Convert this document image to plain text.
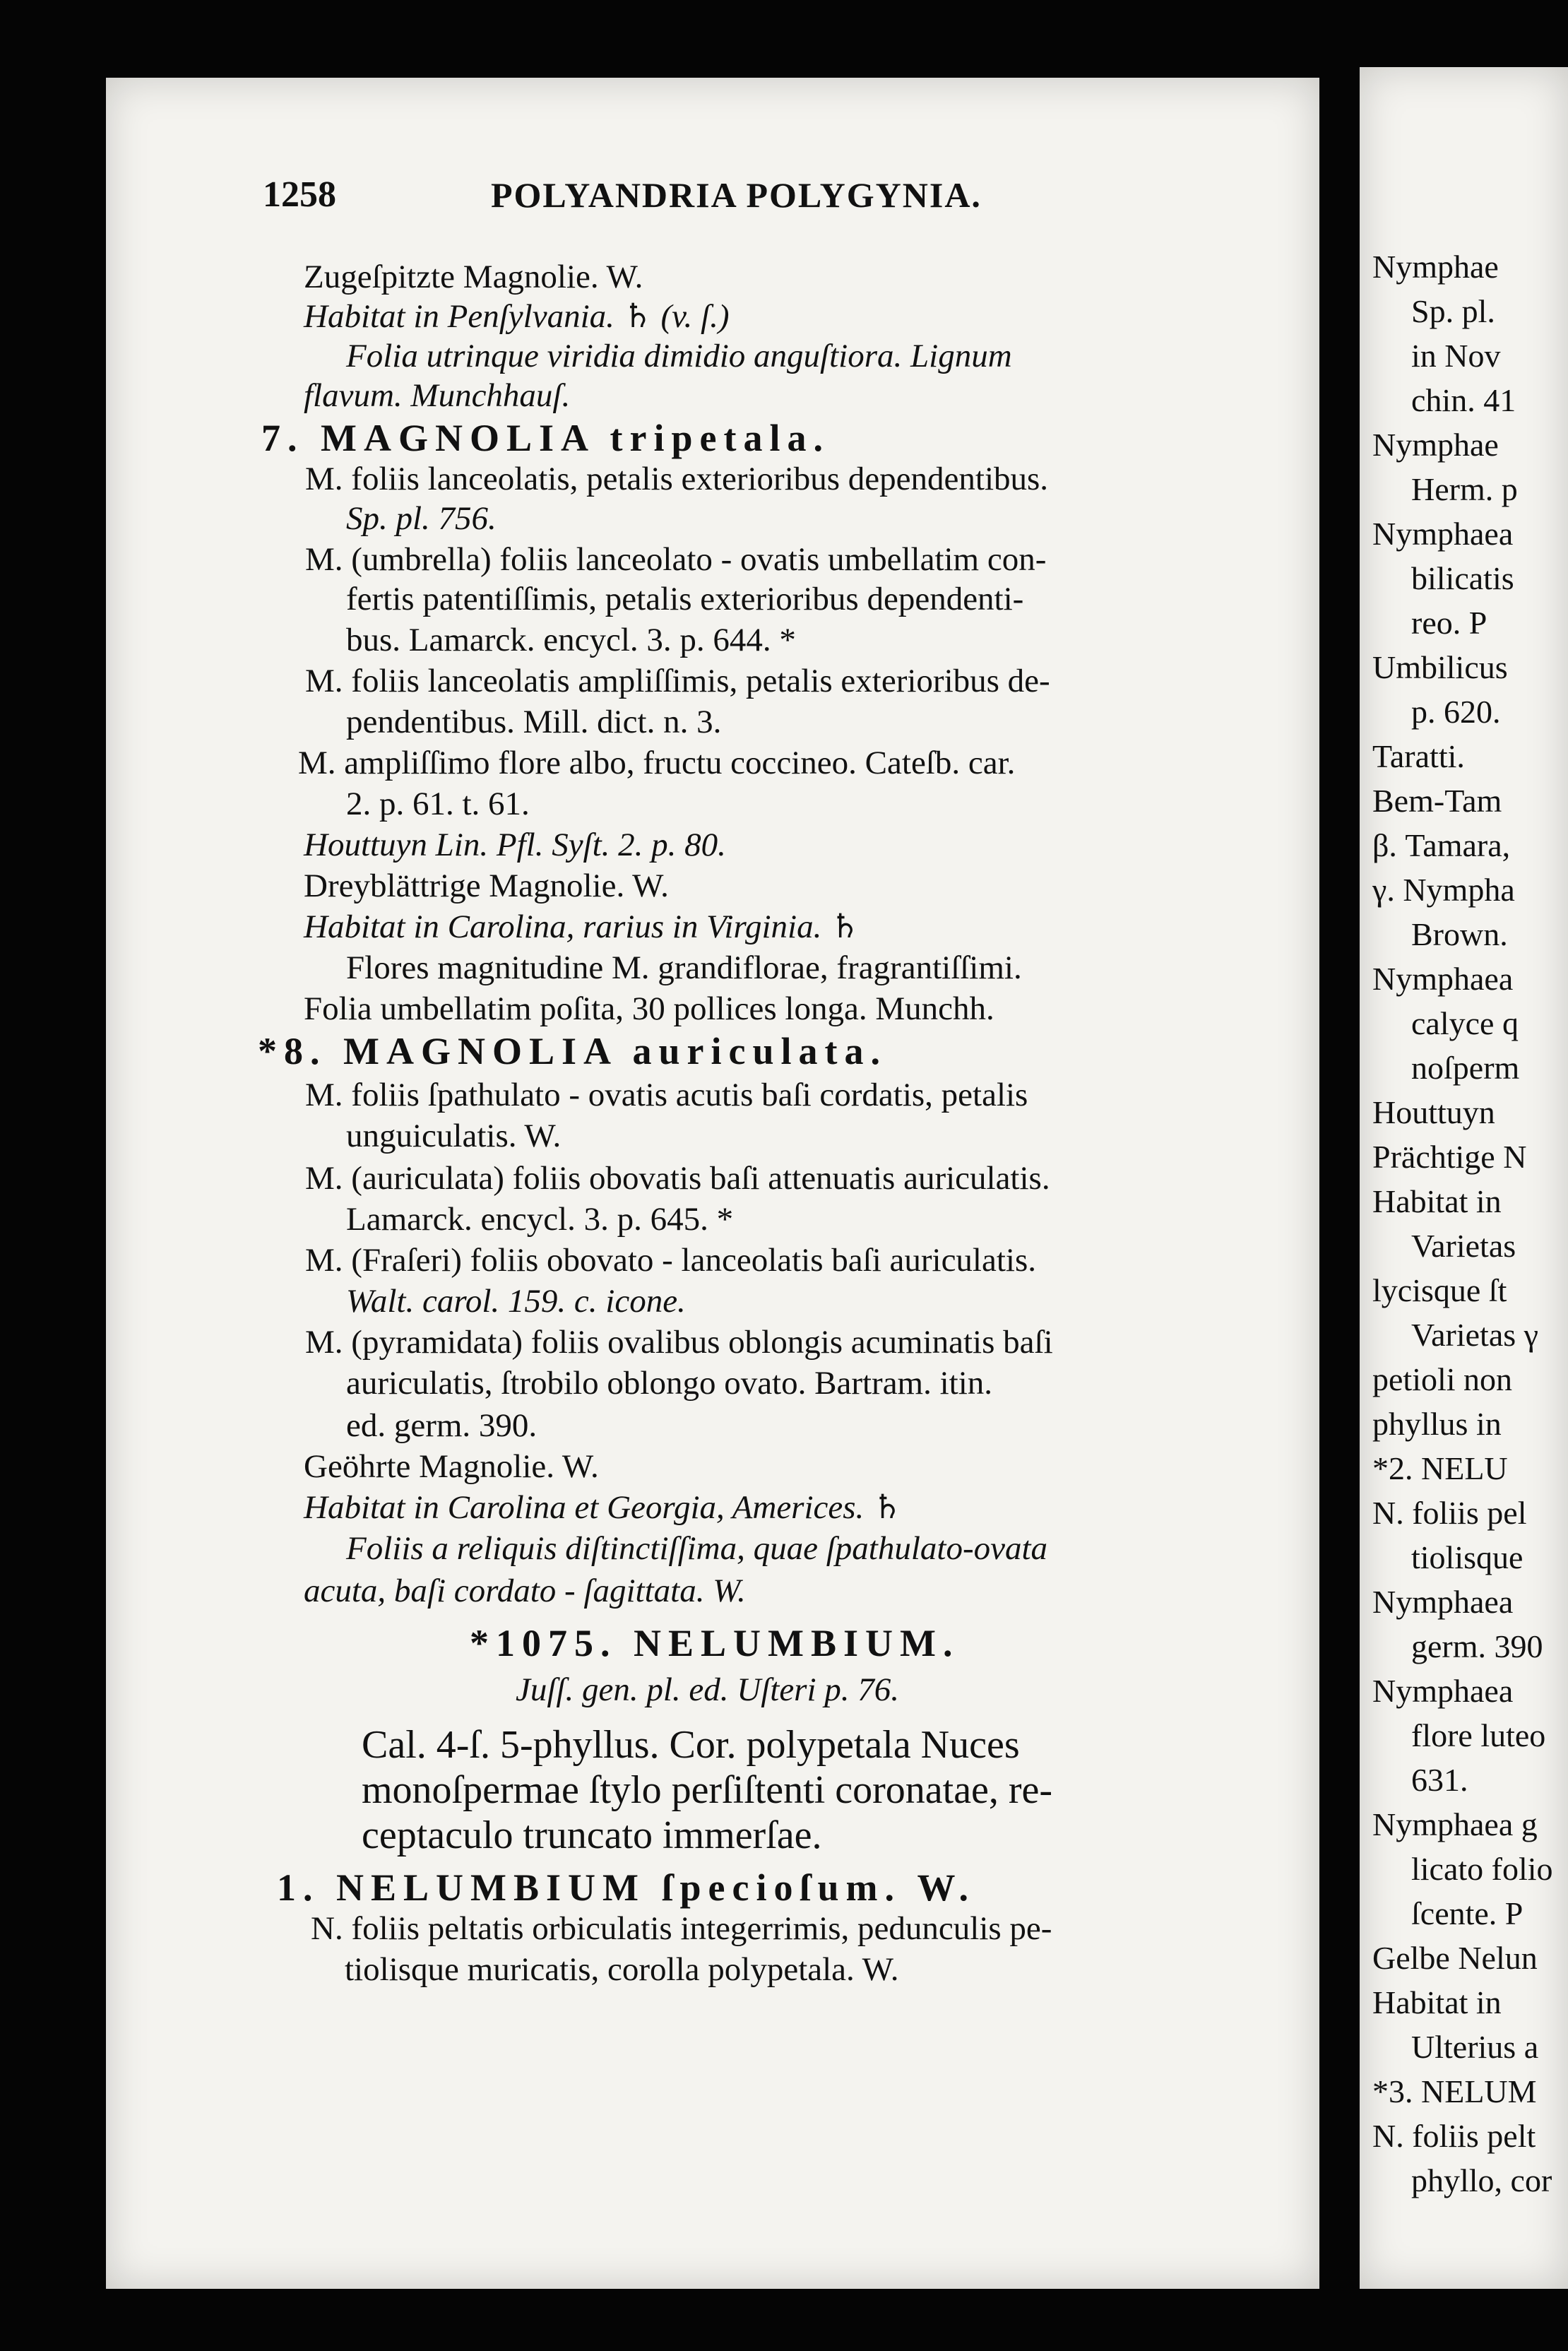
1258	POLYANDRIA POLYGYNIA.
Zugeſpitzte Magnolie. W.
Habitat in Penſylvania. ♄ (v. ſ.)
Folia utrinque viridia dimidio anguſtiora. Lignum
flavum. Munchhauſ.
7. MAGNOLIA tripetala.
M. foliis lanceolatis, petalis exterioribus dependentibus.
Sp. pl. 756.
M. (umbrella) foliis lanceolato - ovatis umbellatim con-
fertis patentiſſimis, petalis exterioribus dependenti-
bus. Lamarck. encycl. 3. p. 644. *
M. foliis lanceolatis ampliſſimis, petalis exterioribus de-
pendentibus. Mill. dict. n. 3.
M. ampliſſimo flore albo, fructu coccineo. Cateſb. car.
2. p. 61. t. 61.
Houttuyn Lin. Pfl. Syſt. 2. p. 80.
Dreyblättrige Magnolie. W.
Habitat in Carolina, rarius in Virginia. ♄
Flores magnitudine M. grandiflorae, fragrantiſſimi.
Folia umbellatim poſita, 30 pollices longa. Munchh.
*8. MAGNOLIA auriculata.
M. foliis ſpathulato - ovatis acutis baſi cordatis, petalis
unguiculatis. W.
M. (auriculata) foliis obovatis baſi attenuatis auriculatis.
Lamarck. encycl. 3. p. 645. *
M. (Fraſeri) foliis obovato - lanceolatis baſi auriculatis.
Walt. carol. 159. c. icone.
M. (pyramidata) foliis ovalibus oblongis acuminatis baſi
auriculatis, ſtrobilo oblongo ovato. Bartram. itin.
ed. germ. 390.
Geöhrte Magnolie. W.
Habitat in Carolina et Georgia, Americes. ♄
Foliis a reliquis diſtinctiſſima, quae ſpathulato-ovata
acuta, baſi cordato - ſagittata. W.
*1075. NELUMBIUM.
Juſſ. gen. pl. ed. Uſteri p. 76.
Cal. 4-ſ. 5-phyllus. Cor. polypetala Nuces
monoſpermae ſtylo perſiſtenti coronatae, re-
ceptaculo truncato immerſae.
1. NELUMBIUM ſpecioſum. W.
N. foliis peltatis orbiculatis integerrimis, pedunculis pe-
tiolisque muricatis, corolla polypetala. W.
Nymphae
Sp. pl.
in Nov
chin. 41
Nymphae
Herm. p
Nymphaea
bilicatis
reo. P
Umbilicus
p. 620.
Taratti.
Bem-Tam
β. Tamara,
γ. Nympha
Brown.
Nymphaea
calyce q
noſperm
Houttuyn
Prächtige N
Habitat in
Varietas
lycisque ſt
Varietas γ
petioli non
phyllus in
*2. NELU
N. foliis pel
tiolisque
Nymphaea
germ. 390
Nymphaea
flore luteo
631.
Nymphaea g
licato folio
ſcente. P
Gelbe Nelun
Habitat in
Ulterius a
*3. NELUM
N. foliis pelt
phyllo, cor
